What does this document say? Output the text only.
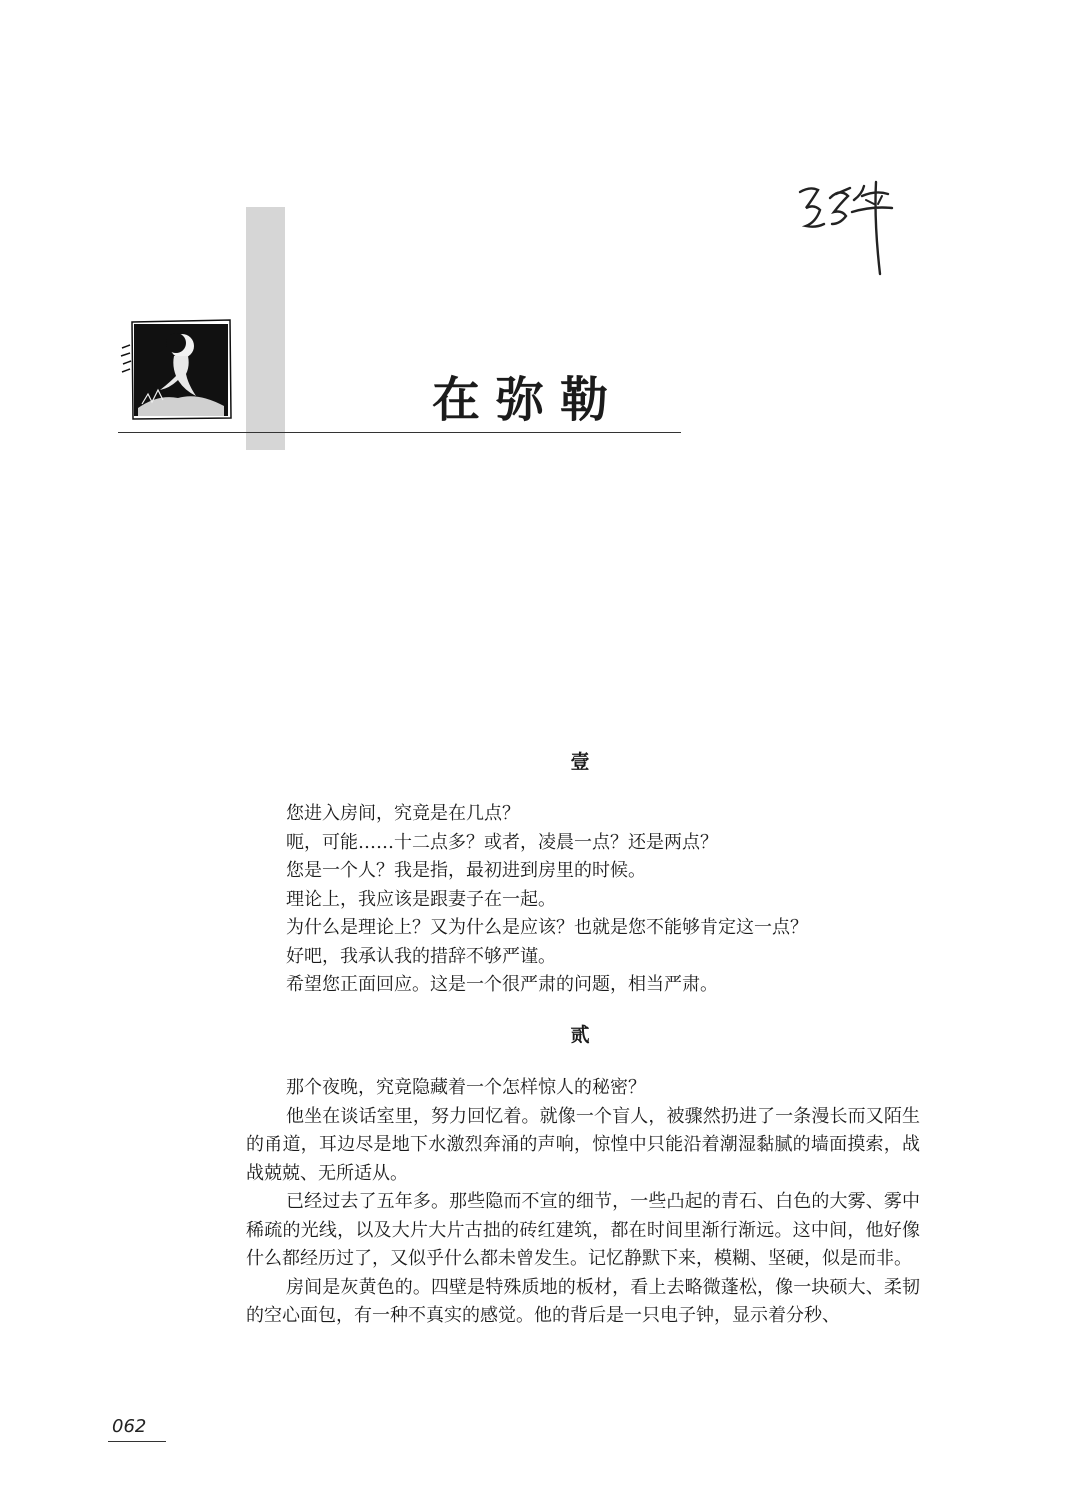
在弥勒
壹

您进入房间，究竟是在几点？

呃，可能……十二点多？或者，凌晨一点？还是两点？

您是一个人？我是指，最初进到房里的时候。

理论上，我应该是跟妻子在一起。

为什么是理论上？又为什么是应该？也就是您不能够肯定这一点？

好吧，我承认我的措辞不够严谨。

希望您正面回应。这是一个很严肃的问题，相当严肃。

贰

那个夜晚，究竟隐藏着一个怎样惊人的秘密？

他坐在谈话室里，努力回忆着。就像一个盲人，被骤然扔进了一条漫长而又陌生的甬道，耳边尽是地下水激烈奔涌的声响，惊惶中只能沿着潮湿黏腻的墙面摸索，战战兢兢、无所适从。

已经过去了五年多。那些隐而不宣的细节，一些凸起的青石、白色的大雾、雾中稀疏的光线，以及大片大片古拙的砖红建筑，都在时间里渐行渐远。这中间，他好像什么都经历过了，又似乎什么都未曾发生。记忆静默下来，模糊、坚硬，似是而非。

房间是灰黄色的。四壁是特殊质地的板材，看上去略微蓬松，像一块硕大、柔韧的空心面包，有一种不真实的感觉。他的背后是一只电子钟，显示着分秒、

062
